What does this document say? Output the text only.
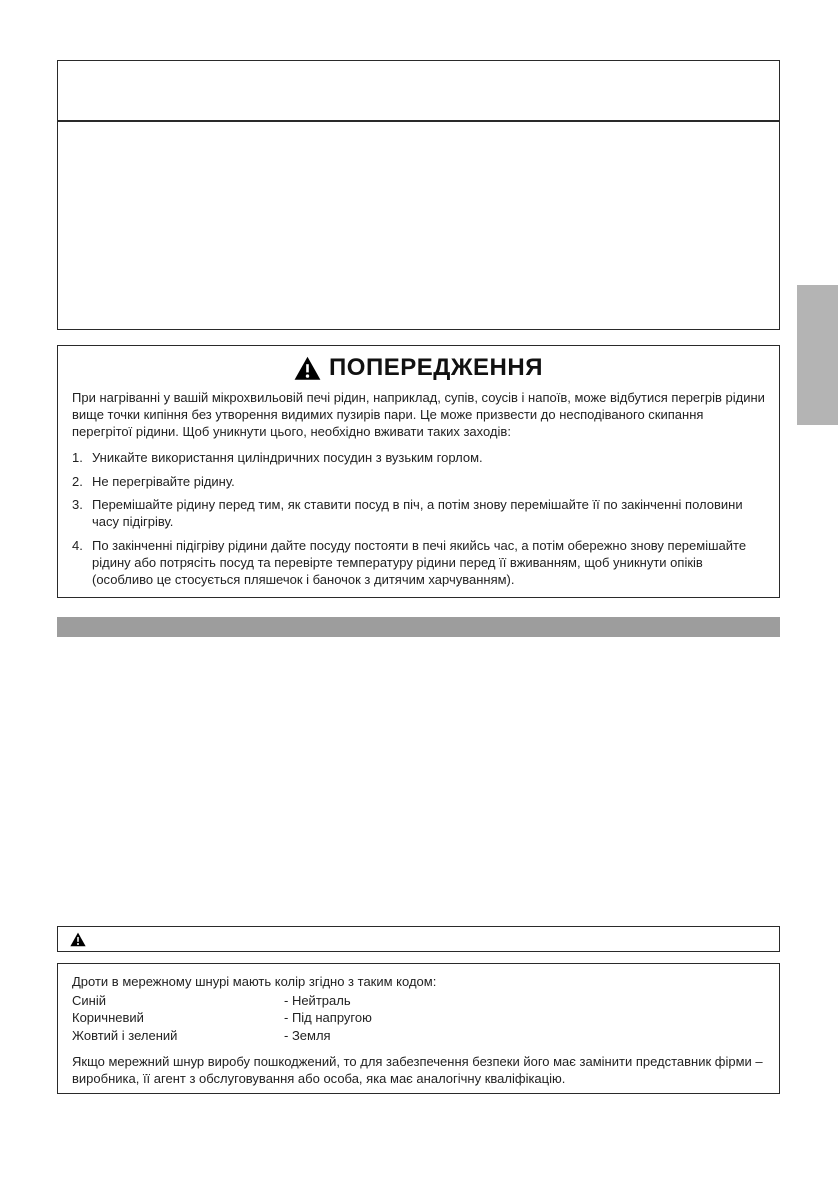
ПОПЕРЕДЖЕННЯ
При нагріванні у вашій мікрохвильовій печі рідин, наприклад, супів, соусів і напоїв, може відбутися перегрів рідини вище точки кипіння без утворення видимих пузирів пари. Це може призвести до несподіваного скипання перегрітої рідини. Щоб уникнути цього, необхідно вживати таких заходів:
1. Уникайте використання циліндричних посудин з вузьким горлом.
2. Не перегрівайте рідину.
3. Перемішайте рідину перед тим, як ставити посуд в піч, а потім знову перемішайте її по закінченні половини часу підігріву.
4. По закінченні підігріву рідини дайте посуду постояти в печі якийсь час, а потім обережно знову перемішайте рідину або потрясіть посуд та перевірте температуру рідини перед її вживанням, щоб уникнути опіків (особливо це стосується пляшечок і баночок з дитячим харчуванням).
Дроти в мережному шнурі мають колір згідно з таким кодом:
Синій	- Нейтраль
Коричневий	- Під напругою
Жовтий і зелений	- Земля
Якщо мережний шнур виробу пошкоджений, то для забезпечення безпеки його має замінити представник фірми – виробника, її агент з обслуговування або особа, яка має аналогічну кваліфікацію.
